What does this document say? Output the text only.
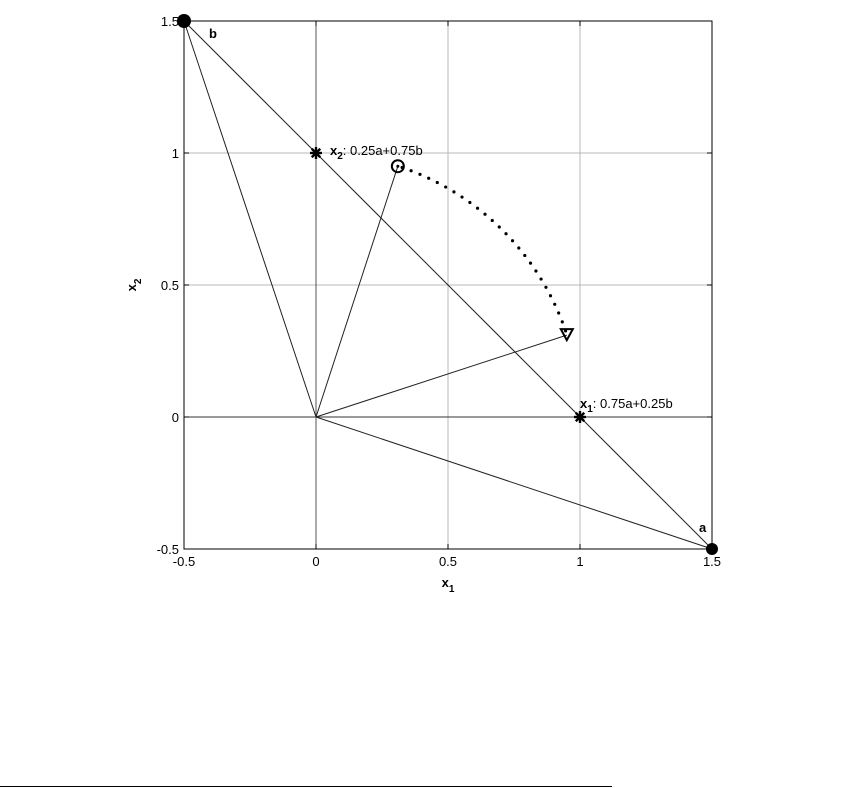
-0.5	0	0.5	1	1.5
-0.5
0
0.5
1
1.5
$x_1$
$x_2$
a
b
$x_1$: 0.75a+0.25b
$x_2$: 0.25a+0.75b
